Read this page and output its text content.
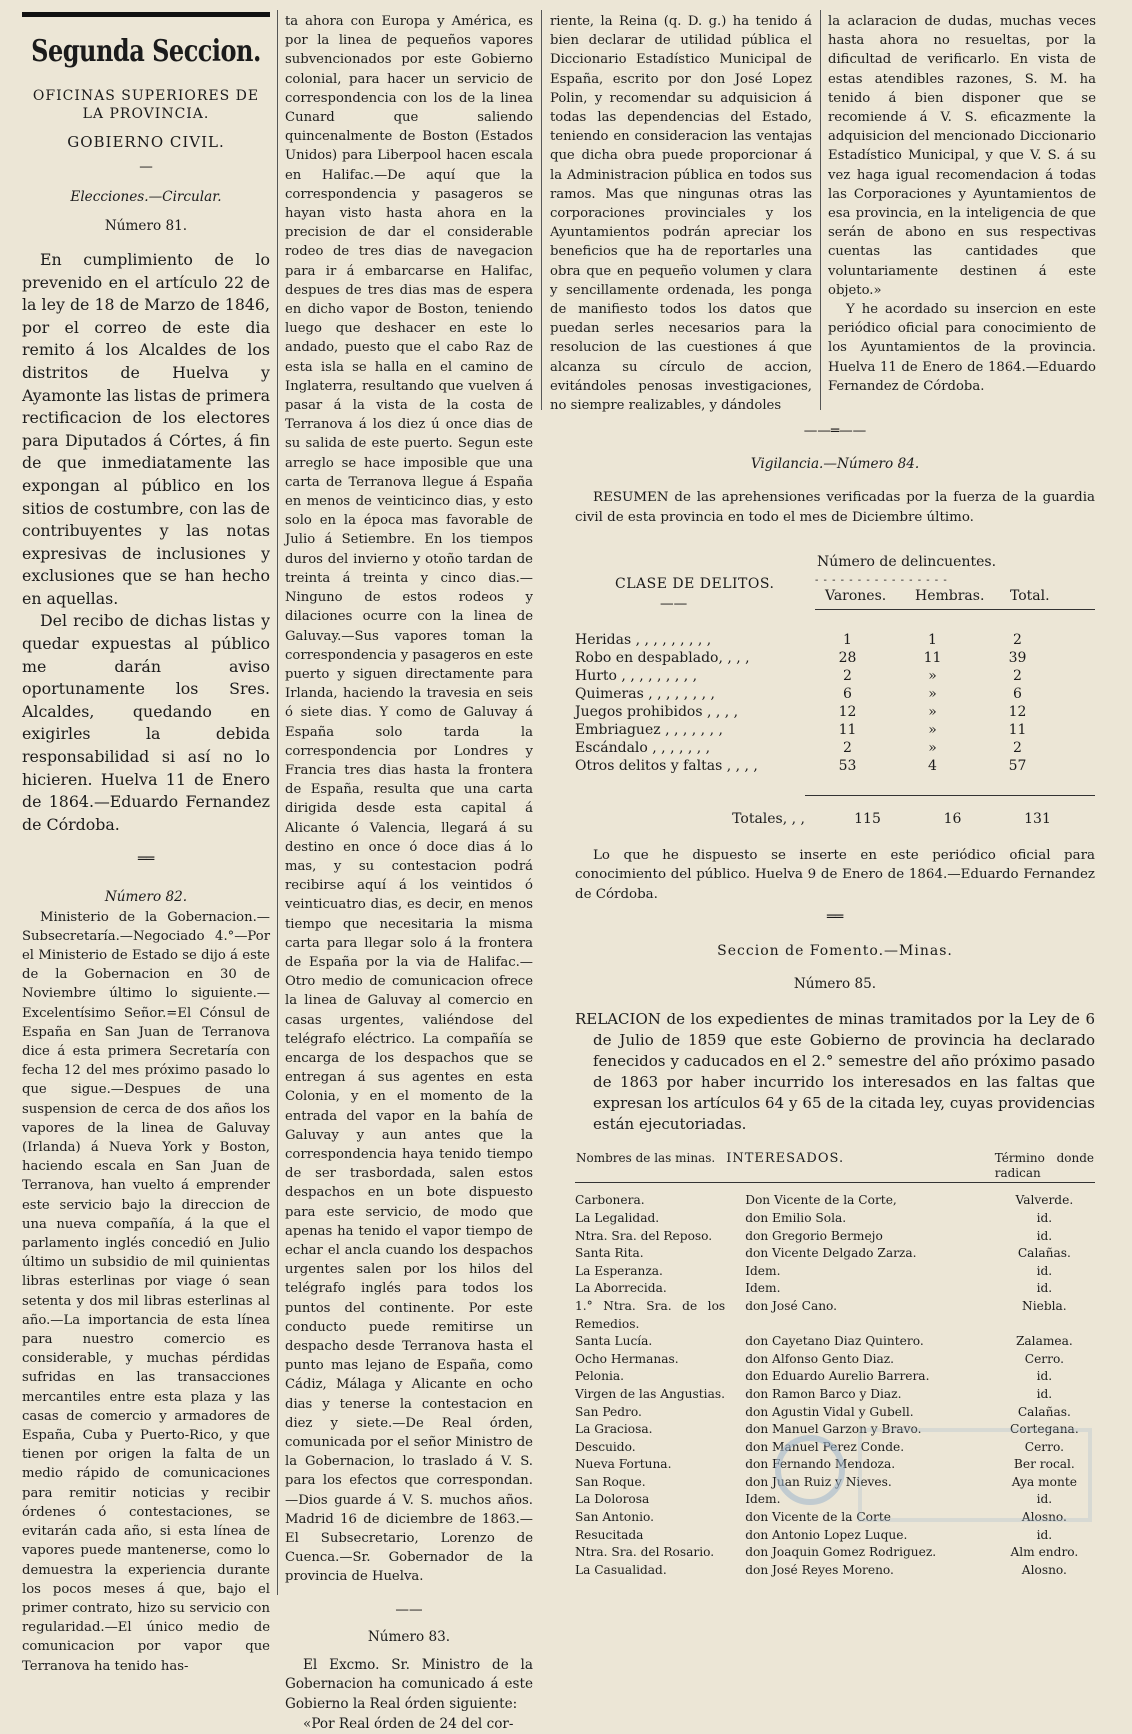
Segunda Seccion.

OFICINAS SUPERIORES DE LA PROVINCIA.

GOBIERNO CIVIL.

—

Elecciones.—Circular.

Número 81.

En cumplimiento de lo prevenido en el artículo 22 de la ley de 18 de Marzo de 1846, por el correo de este dia remito á los Alcaldes de los distritos de Huelva y Ayamonte las listas de primera rectificacion de los electores para Diputados á Córtes, á fin de que inmediatamente las expongan al público en los sitios de costumbre, con las de contribuyentes y las notas expresivas de inclusiones y exclusiones que se han hecho en aquellas.

Del recibo de dichas listas y quedar expuestas al público me darán aviso oportunamente los Sres. Alcaldes, quedando en exigirles la debida responsabilidad si así no lo hicieren. Huelva 11 de Enero de 1864.—Eduardo Fernandez de Córdoba.

══

Número 82.

Ministerio de la Gobernacion.—Subsecretaría.—Negociado 4.°—Por el Ministerio de Estado se dijo á este de la Gobernacion en 30 de Noviembre último lo siguiente.—Excelentísimo Señor.=El Cónsul de España en San Juan de Terranova dice á esta primera Secretaría con fecha 12 del mes próximo pasado lo que sigue.—Despues de una suspension de cerca de dos años los vapores de la linea de Galuvay (Irlanda) á Nueva York y Boston, haciendo escala en San Juan de Terranova, han vuelto á emprender este servicio bajo la direccion de una nueva compañía, á la que el parlamento inglés concedió en Julio último un subsidio de mil quinientas libras esterlinas por viage ó sean setenta y dos mil libras esterlinas al año.—La importancia de esta línea para nuestro comercio es considerable, y muchas pérdidas sufridas en las transacciones mercantiles entre esta plaza y las casas de comercio y armadores de España, Cuba y Puerto-Rico, y que tienen por origen la falta de un medio rápido de comunicaciones para remitir noticias y recibir órdenes ó contestaciones, se evitarán cada año, si esta línea de vapores puede mantenerse, como lo demuestra la experiencia durante los pocos meses á que, bajo el primer contrato, hizo su servicio con regularidad.—El único medio de comunicacion por vapor que Terranova ha tenido has-

ta ahora con Europa y América, es por la linea de pequeños vapores subvencionados por este Gobierno colonial, para hacer un servicio de correspondencia con los de la linea Cunard que saliendo quincenalmente de Boston (Estados Unidos) para Liberpool hacen escala en Halifac.—De aquí que la correspondencia y pasageros se hayan visto hasta ahora en la precision de dar el considerable rodeo de tres dias de navegacion para ir á embarcarse en Halifac, despues de tres dias mas de espera en dicho vapor de Boston, teniendo luego que deshacer en este lo andado, puesto que el cabo Raz de esta isla se halla en el camino de Inglaterra, resultando que vuelven á pasar á la vista de la costa de Terranova á los diez ú once dias de su salida de este puerto. Segun este arreglo se hace imposible que una carta de Terranova llegue á España en menos de veinticinco dias, y esto solo en la época mas favorable de Julio á Setiembre. En los tiempos duros del invierno y otoño tardan de treinta á treinta y cinco dias.—Ninguno de estos rodeos y dilaciones ocurre con la linea de Galuvay.—Sus vapores toman la correspondencia y pasageros en este puerto y siguen directamente para Irlanda, haciendo la travesia en seis ó siete dias. Y como de Galuvay á España solo tarda la correspondencia por Londres y Francia tres dias hasta la frontera de España, resulta que una carta dirigida desde esta capital á Alicante ó Valencia, llegará á su destino en once ó doce dias á lo mas, y su contestacion podrá recibirse aquí á los veintidos ó veinticuatro dias, es decir, en menos tiempo que necesitaria la misma carta para llegar solo á la frontera de España por la via de Halifac.—Otro medio de comunicacion ofrece la linea de Galuvay al comercio en casas urgentes, valiéndose del telégrafo eléctrico. La compañía se encarga de los despachos que se entregan á sus agentes en esta Colonia, y en el momento de la entrada del vapor en la bahía de Galuvay y aun antes que la correspondencia haya tenido tiempo de ser trasbordada, salen estos despachos en un bote dispuesto para este servicio, de modo que apenas ha tenido el vapor tiempo de echar el ancla cuando los despachos urgentes salen por los hilos del telégrafo inglés para todos los puntos del continente. Por este conducto puede remitirse un despacho desde Terranova hasta el punto mas lejano de España, como Cádiz, Málaga y Alicante en ocho dias y tenerse la contestacion en diez y siete.—De Real órden, comunicada por el señor Ministro de la Gobernacion, lo traslado á V. S. para los efectos que correspondan.—Dios guarde á V. S. muchos años. Madrid 16 de diciembre de 1863.—El Subsecretario, Lorenzo de Cuenca.—Sr. Gobernador de la provincia de Huelva.

——

Número 83.

El Excmo. Sr. Ministro de la Gobernacion ha comunicado á este Gobierno la Real órden siguiente:

«Por Real órden de 24 del cor-

riente, la Reina (q. D. g.) ha tenido á bien declarar de utilidad pública el Diccionario Estadístico Municipal de España, escrito por don José Lopez Polin, y recomendar su adquisicion á todas las dependencias del Estado, teniendo en consideracion las ventajas que dicha obra puede proporcionar á la Administracion pública en todos sus ramos. Mas que ningunas otras las corporaciones provinciales y los Ayuntamientos podrán apreciar los beneficios que ha de reportarles una obra que en pequeño volumen y clara y sencillamente ordenada, les ponga de manifiesto todos los datos que puedan serles necesarios para la resolucion de las cuestiones á que alcanza su círculo de accion, evitándoles penosas investigaciones, no siempre realizables, y dándoles

la aclaracion de dudas, muchas veces hasta ahora no resueltas, por la dificultad de verificarlo. En vista de estas atendibles razones, S. M. ha tenido á bien disponer que se recomiende á V. S. eficazmente la adquisicion del mencionado Diccionario Estadístico Municipal, y que V. S. á su vez haga igual recomendacion á todas las Corporaciones y Ayuntamientos de esa provincia, en la inteligencia de que serán de abono en sus respectivas cuentas las cantidades que voluntariamente destinen á este objeto.»

Y he acordado su insercion en este periódico oficial para conocimiento de los Ayuntamientos de la provincia. Huelva 11 de Enero de 1864.—Eduardo Fernandez de Córdoba.

——═——

Vigilancia.—Número 84.

RESUMEN de las aprehensiones verificadas por la fuerza de la guardia civil de esta provincia en todo el mes de Diciembre último.

Número de delincuentes.
- - - - - - - - - - - - - - - -
CLASE DE DELITOS.
——	Varones. Hembras. Total.
Heridas , , , , , , , , ,	1	1	2
Robo en despablado, , , ,	28	11	39
Hurto , , , , , , , , ,	2	»	2
Quimeras , , , , , , , ,	6	»	6
Juegos prohibidos , , , ,	12	»	12
Embriaguez , , , , , , ,	11	»	11
Escándalo , , , , , , ,	2	»	2
Otros delitos y faltas , , , ,	53	4	57
Totales, , ,	115	16	131

Lo que he dispuesto se inserte en este periódico oficial para conocimiento del público. Huelva 9 de Enero de 1864.—Eduardo Fernandez de Córdoba.

══

Seccion de Fomento.—Minas.

Número 85.

RELACION de los expedientes de minas tramitados por la Ley de 6 de Julio de 1859 que este Gobierno de provincia ha declarado fenecidos y caducados en el 2.° semestre del año próximo pasado de 1863 por haber incurrido los interesados en las faltas que expresan los artículos 64 y 65 de la citada ley, cuyas providencias están ejecutoriadas.

Nombres de las minas.	INTERESADOS.	Término donde radican

Carbonera.	Don Vicente de la Corte,	Valverde.
La Legalidad.	don Emilio Sola.	id.
Ntra. Sra. del Reposo.	don Gregorio Bermejo	id.
Santa Rita.	don Vicente Delgado Zarza.	Calañas.
La Esperanza.	Idem.	id.
La Aborrecida.	Idem.	id.
1.° Ntra. Sra. de los Remedios.	don José Cano.	Niebla.
Santa Lucía.	don Cayetano Diaz Quintero.	Zalamea.
Ocho Hermanas.	don Alfonso Gento Diaz.	Cerro.
Pelonia.	don Eduardo Aurelio Barrera.	id.
Virgen de las Angustias.	don Ramon Barco y Diaz.	id.
San Pedro.	don Agustin Vidal y Gubell.	Calañas.
La Graciosa.	don Manuel Garzon y Bravo.	Cortegana.
Descuido.	don Manuel Perez Conde.	Cerro.
Nueva Fortuna.	don Fernando Mendoza.	Ber rocal.
San Roque.	don Juan Ruiz y Nieves.	Aya monte
La Dolorosa	Idem.	id.
San Antonio.	don Vicente de la Corte	Alosno.
Resucitada	don Antonio Lopez Luque.	id.
Ntra. Sra. del Rosario.	don Joaquin Gomez Rodriguez.	Alm endro.
La Casualidad.	don José Reyes Moreno.	Alosno.
